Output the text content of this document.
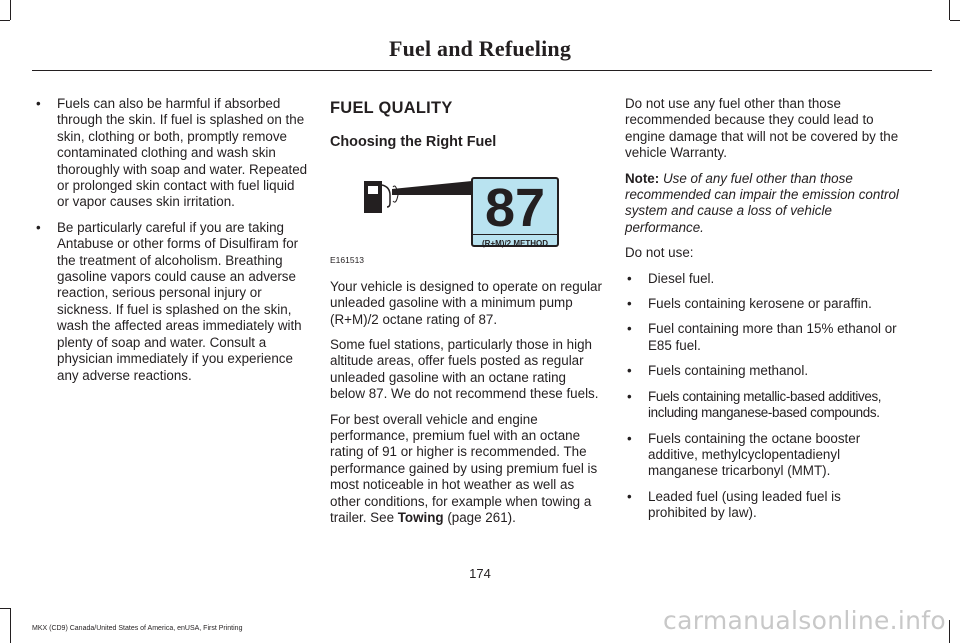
Fuel and Refueling
• Fuels can also be harmful if absorbed through the skin. If fuel is splashed on the skin, clothing or both, promptly remove contaminated clothing and wash skin thoroughly with soap and water. Repeated or prolonged skin contact with fuel liquid or vapor causes skin irritation.
• Be particularly careful if you are taking Antabuse or other forms of Disulfiram for the treatment of alcoholism. Breathing gasoline vapors could cause an adverse reaction, serious personal injury or sickness. If fuel is splashed on the skin, wash the affected areas immediately with plenty of soap and water. Consult a physician immediately if you experience any adverse reactions.
FUEL QUALITY
Choosing the Right Fuel
87
(R+M)/2 METHOD
E161513

Your vehicle is designed to operate on regular unleaded gasoline with a minimum pump (R+M)/2 octane rating of 87.

Some fuel stations, particularly those in high altitude areas, offer fuels posted as regular unleaded gasoline with an octane rating below 87. We do not recommend these fuels.

For best overall vehicle and engine performance, premium fuel with an octane rating of 91 or higher is recommended. The performance gained by using premium fuel is most noticeable in hot weather as well as other conditions, for example when towing a trailer. See Towing (page 261).

Do not use any fuel other than those recommended because they could lead to engine damage that will not be covered by the vehicle Warranty.

Note: Use of any fuel other than those recommended can impair the emission control system and cause a loss of vehicle performance.

Do not use:

• Diesel fuel.
• Fuels containing kerosene or paraffin.
• Fuel containing more than 15% ethanol or E85 fuel.
• Fuels containing methanol.
• Fuels containing metallic-based additives, including manganese-based compounds.
• Fuels containing the octane booster additive, methylcyclopentadienyl manganese tricarbonyl (MMT).
• Leaded fuel (using leaded fuel is prohibited by law).
174
MKX (CD9) Canada/United States of America, enUSA, First Printing	carmanualsonline.info
